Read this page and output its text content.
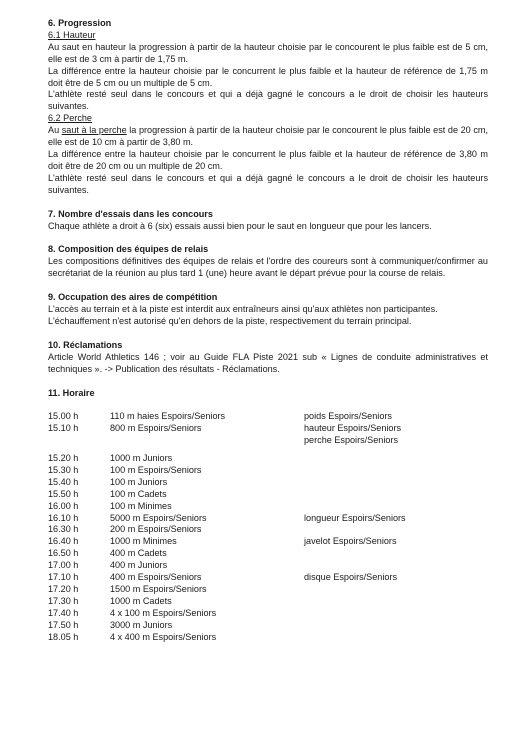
6. Progression
6.1 Hauteur

Au saut en hauteur la progression à partir de la hauteur choisie par le concourent le plus faible est de 5 cm, elle est de 3 cm à partir de 1,75 m.

La différence entre la hauteur choisie par le concurrent le plus faible et la hauteur de référence de 1,75 m doit être de 5 cm ou un multiple de 5 cm.

L'athlète resté seul dans le concours et qui a déjà gagné le concours a le droit de choisir les hauteurs suivantes.

6.2 Perche

Au saut à la perche la progression à partir de la hauteur choisie par le concourent le plus faible est de 20 cm, elle est de 10 cm à partir de 3,80 m.

La différence entre la hauteur choisie par le concurrent le plus faible et la hauteur de référence de 3,80 m doit être de 20 cm ou un multiple de 20 cm.

L'athlète resté seul dans le concours et qui a déjà gagné le concours a le droit de choisir les hauteurs suivantes.

7. Nombre d'essais dans les concours

Chaque athlète a droit à 6 (six) essais aussi bien pour le saut en longueur que pour les lancers.

8. Composition des équipes de relais

Les compositions définitives des équipes de relais et l'ordre des coureurs sont à communiquer/confirmer au secrétariat de la réunion au plus tard 1 (une) heure avant le départ prévue pour la course de relais.

9. Occupation des aires de compétition

L'accès au terrain et à la piste est interdit aux entraîneurs ainsi qu'aux athlètes non participantes.

L'échauffement n'est autorisé qu'en dehors de la piste, respectivement du terrain principal.

10. Réclamations

Article World Athletics 146 ; voir au Guide FLA Piste 2021 sub « Lignes de conduite administratives et techniques ». -> Publication des résultats - Réclamations.

11. Horaire
15.00 h	110 m haies Espoirs/Seniors	poids Espoirs/Seniors
15.10 h	800 m Espoirs/Seniors	hauteur Espoirs/Seniors
perche Espoirs/Seniors
15.20 h	1000 m Juniors
15.30 h	100 m Espoirs/Seniors
15.40 h	100 m Juniors
15.50 h	100 m Cadets
16.00 h	100 m Minimes
16.10 h	5000 m Espoirs/Seniors	longueur Espoirs/Seniors
16.30 h	200 m Espoirs/Seniors
16.40 h	1000 m Minimes	javelot Espoirs/Seniors
16.50 h	400 m Cadets
17.00 h	400 m Juniors
17.10 h	400 m Espoirs/Seniors	disque Espoirs/Seniors
17.20 h	1500 m Espoirs/Seniors
17.30 h	1000 m Cadets
17.40 h	4 x 100 m Espoirs/Seniors
17.50 h	3000 m Juniors
18.05 h	4 x 400 m Espoirs/Seniors
